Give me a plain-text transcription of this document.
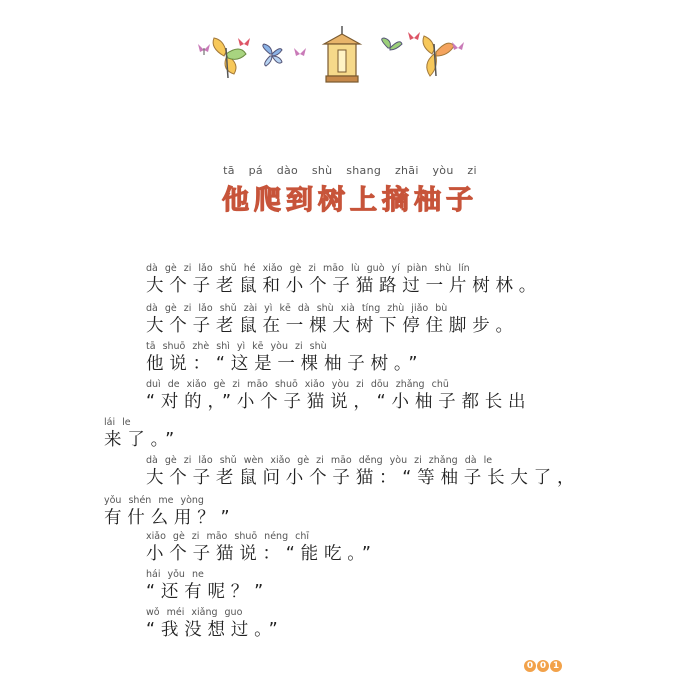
tā pá dào shù shang zhāi yòu zi
他爬到树上摘柚子
dà gè zi lǎo shǔ hé xiǎo gè zi māo lù guò yí piàn shù lín
大个子老鼠和小个子猫路过一片树林。
dà gè zi lǎo shǔ zài yì kē dà shù xià tíng zhù jiǎo bù
大个子老鼠在一棵大树下停住脚步。
tā shuō zhè shì yì kē yòu zi shù
他说：“这是一棵柚子树。”
duì de xiǎo gè zi māo shuō xiǎo yòu zi dōu zhǎng chū
“对的，”小个子猫说，“小柚子都长出
lái le
来了。”
dà gè zi lǎo shǔ wèn xiǎo gè zi māo děng yòu zi zhǎng dà le
大个子老鼠问小个子猫：“等柚子长大了，
yǒu shén me yòng
有什么用？”
xiǎo gè zi māo shuō néng chī
小个子猫说：“能吃。”
hái yǒu ne
“还有呢？”
wǒ méi xiǎng guo
“我没想过。”
0 0 1
